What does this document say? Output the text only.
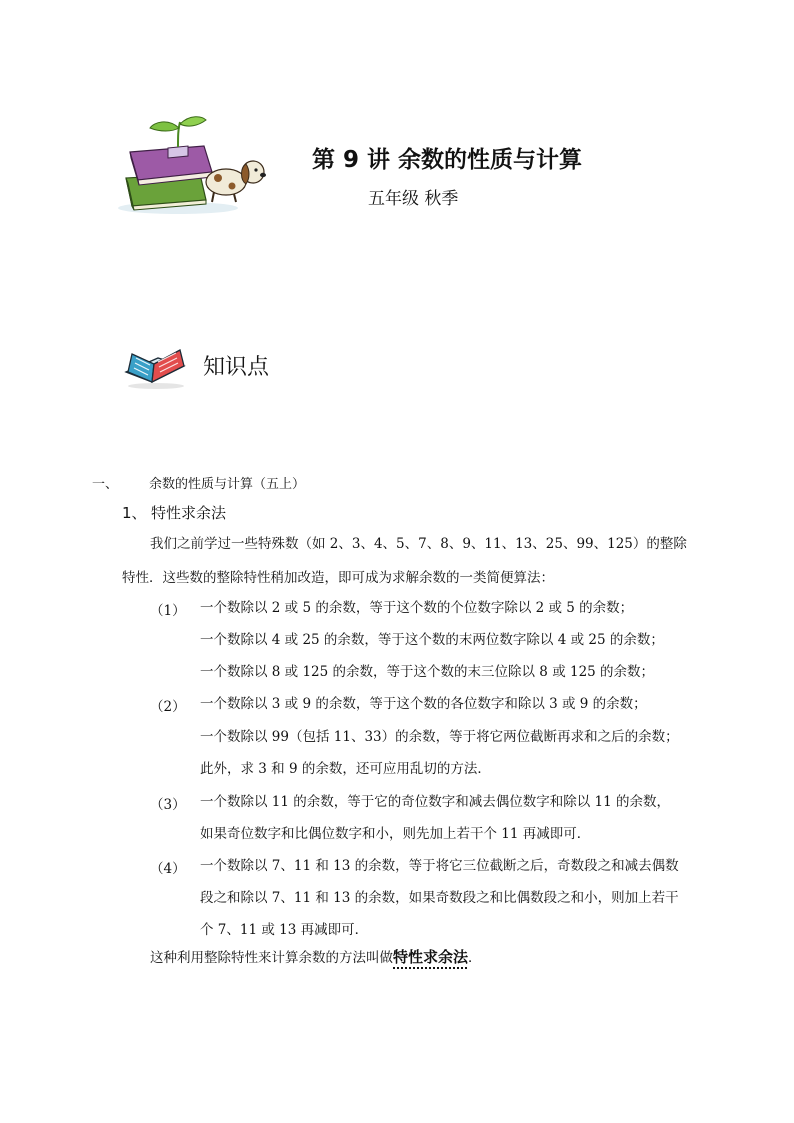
第 9 讲 余数的性质与计算
五年级 秋季
知识点
一、 余数的性质与计算（五上）
1、 特性求余法
我们之前学过一些特殊数（如 2、3、4、5、7、8、9、11、13、25、99、125）的整除
特性．这些数的整除特性稍加改造，即可成为求解余数的一类简便算法：
（1） 一个数除以 2 或 5 的余数，等于这个数的个位数字除以 2 或 5 的余数；
一个数除以 4 或 25 的余数，等于这个数的末两位数字除以 4 或 25 的余数；
一个数除以 8 或 125 的余数，等于这个数的末三位除以 8 或 125 的余数；
（2） 一个数除以 3 或 9 的余数，等于这个数的各位数字和除以 3 或 9 的余数；
一个数除以 99（包括 11、33）的余数，等于将它两位截断再求和之后的余数；
此外，求 3 和 9 的余数，还可应用乱切的方法．
（3） 一个数除以 11 的余数，等于它的奇位数字和减去偶位数字和除以 11 的余数，
如果奇位数字和比偶位数字和小，则先加上若干个 11 再减即可．
（4） 一个数除以 7、11 和 13 的余数，等于将它三位截断之后，奇数段之和减去偶数
段之和除以 7、11 和 13 的余数，如果奇数段之和比偶数段之和小，则加上若干
个 7、11 或 13 再减即可．
这种利用整除特性来计算余数的方法叫做特性求余法．
